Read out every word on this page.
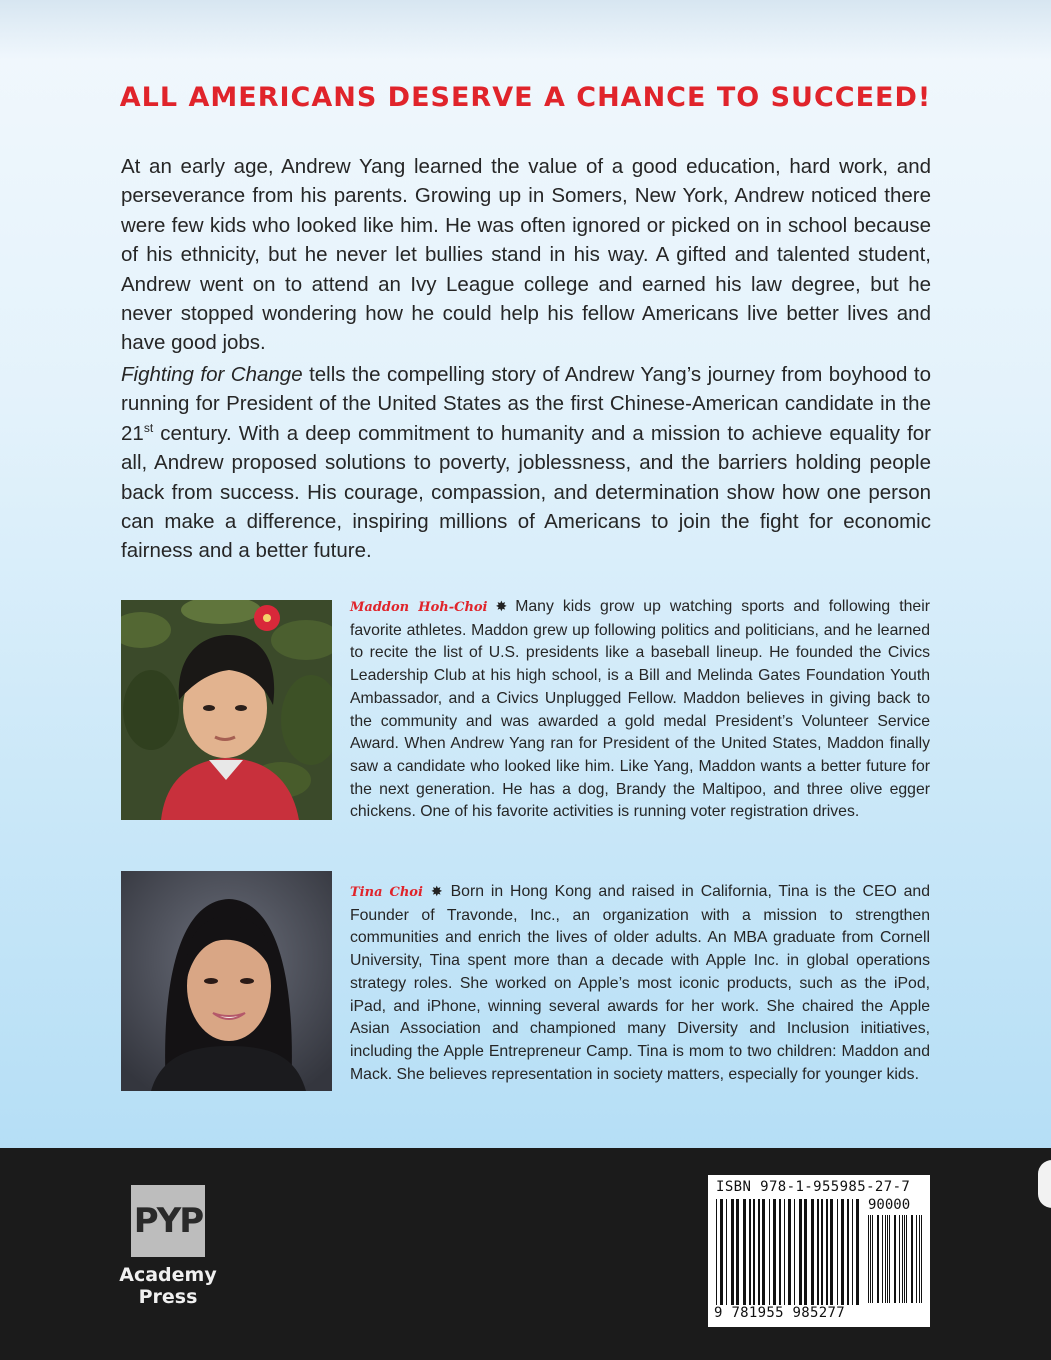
ALL AMERICANS DESERVE A CHANCE TO SUCCEED!

At an early age, Andrew Yang learned the value of a good education, hard work, and perseverance from his parents. Growing up in Somers, New York, Andrew noticed there were few kids who looked like him. He was often ignored or picked on in school because of his ethnicity, but he never let bullies stand in his way. A gifted and talented student, Andrew went on to attend an Ivy League college and earned his law degree, but he never stopped wondering how he could help his fellow Americans live better lives and have good jobs.

Fighting for Change tells the compelling story of Andrew Yang’s journey from boyhood to running for President of the United States as the first Chinese-American candidate in the 21st century. With a deep commitment to humanity and a mission to achieve equality for all, Andrew proposed solutions to poverty, joblessness, and the barriers holding people back from success. His courage, compassion, and determination show how one person can make a difference, inspiring millions of Americans to join the fight for economic fairness and a better future.

Maddon Hoh-Choi ✸ Many kids grow up watching sports and following their favorite athletes. Maddon grew up following politics and politicians, and he learned to recite the list of U.S. presidents like a baseball lineup. He founded the Civics Leadership Club at his high school, is a Bill and Melinda Gates Foundation Youth Ambassador, and a Civics Unplugged Fellow. Maddon believes in giving back to the community and was awarded a gold medal President’s Volunteer Service Award. When Andrew Yang ran for President of the United States, Maddon finally saw a candidate who looked like him. Like Yang, Maddon wants a better future for the next generation. He has a dog, Brandy the Maltipoo, and three olive egger chickens. One of his favorite activities is running voter registration drives.
Tina Choi ✸ Born in Hong Kong and raised in California, Tina is the CEO and Founder of Travonde, Inc., an organization with a mission to strengthen communities and enrich the lives of older adults. An MBA graduate from Cornell University, Tina spent more than a decade with Apple Inc. in global operations strategy roles. She worked on Apple’s most iconic products, such as the iPod, iPad, and iPhone, winning several awards for her work. She chaired the Apple Asian Association and championed many Diversity and Inclusion initiatives, including the Apple Entrepreneur Camp. Tina is mom to two children: Maddon and Mack. She believes representation in society matters, especially for younger kids.
PYP
Academy
Press
ISBN 978-1-955985-27-7
90000
9 781955 985277
